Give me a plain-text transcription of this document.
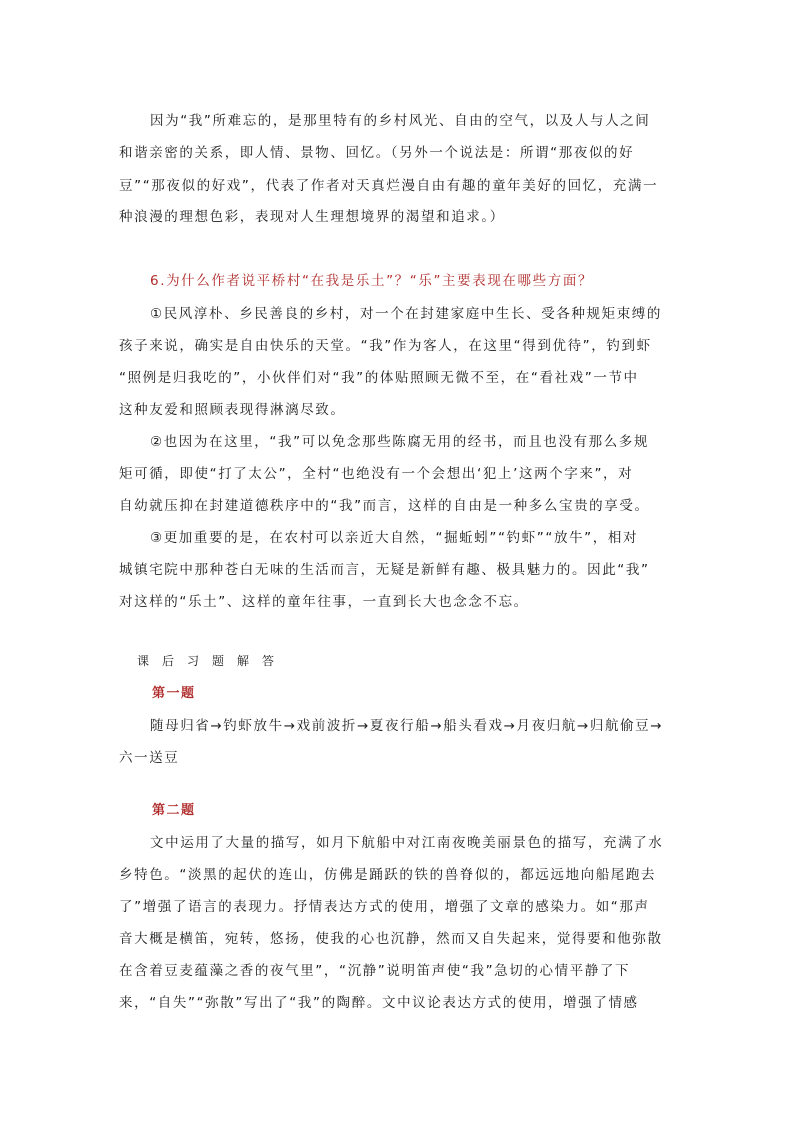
因为“我”所难忘的，是那里特有的乡村风光、自由的空气，以及人与人之间
和谐亲密的关系，即人情、景物、回忆。（另外一个说法是：所谓“那夜似的好
豆”“那夜似的好戏”，代表了作者对天真烂漫自由有趣的童年美好的回忆，充满一
种浪漫的理想色彩，表现对人生理想境界的渴望和追求。）
6.为什么作者说平桥村“在我是乐土”？“乐”主要表现在哪些方面？
①民风淳朴、乡民善良的乡村，对一个在封建家庭中生长、受各种规矩束缚的
孩子来说，确实是自由快乐的天堂。“我”作为客人，在这里“得到优待”，钓到虾
“照例是归我吃的”，小伙伴们对“我”的体贴照顾无微不至，在“看社戏”一节中
这种友爱和照顾表现得淋漓尽致。
②也因为在这里，“我”可以免念那些陈腐无用的经书，而且也没有那么多规
矩可循，即使“打了太公”，全村“也绝没有一个会想出‘犯上’这两个字来”，对
自幼就压抑在封建道德秩序中的“我”而言，这样的自由是一种多么宝贵的享受。
③更加重要的是，在农村可以亲近大自然，“掘蚯蚓”“钓虾”“放牛”，相对
城镇宅院中那种苍白无味的生活而言，无疑是新鲜有趣、极具魅力的。因此“我”
对这样的“乐土”、这样的童年往事，一直到长大也念念不忘。
课后习题解答
第一题
随母归省→钓虾放牛→戏前波折→夏夜行船→船头看戏→月夜归航→归航偷豆→
六一送豆
第二题
文中运用了大量的描写，如月下航船中对江南夜晚美丽景色的描写，充满了水
乡特色。“淡黑的起伏的连山，仿佛是踊跃的铁的兽脊似的，都远远地向船尾跑去
了”增强了语言的表现力。抒情表达方式的使用，增强了文章的感染力。如“那声
音大概是横笛，宛转，悠扬，使我的心也沉静，然而又自失起来，觉得要和他弥散
在含着豆麦蕴藻之香的夜气里”，“沉静”说明笛声使“我”急切的心情平静了下
来，“自失”“弥散”写出了“我”的陶醉。文中议论表达方式的使用，增强了情感
